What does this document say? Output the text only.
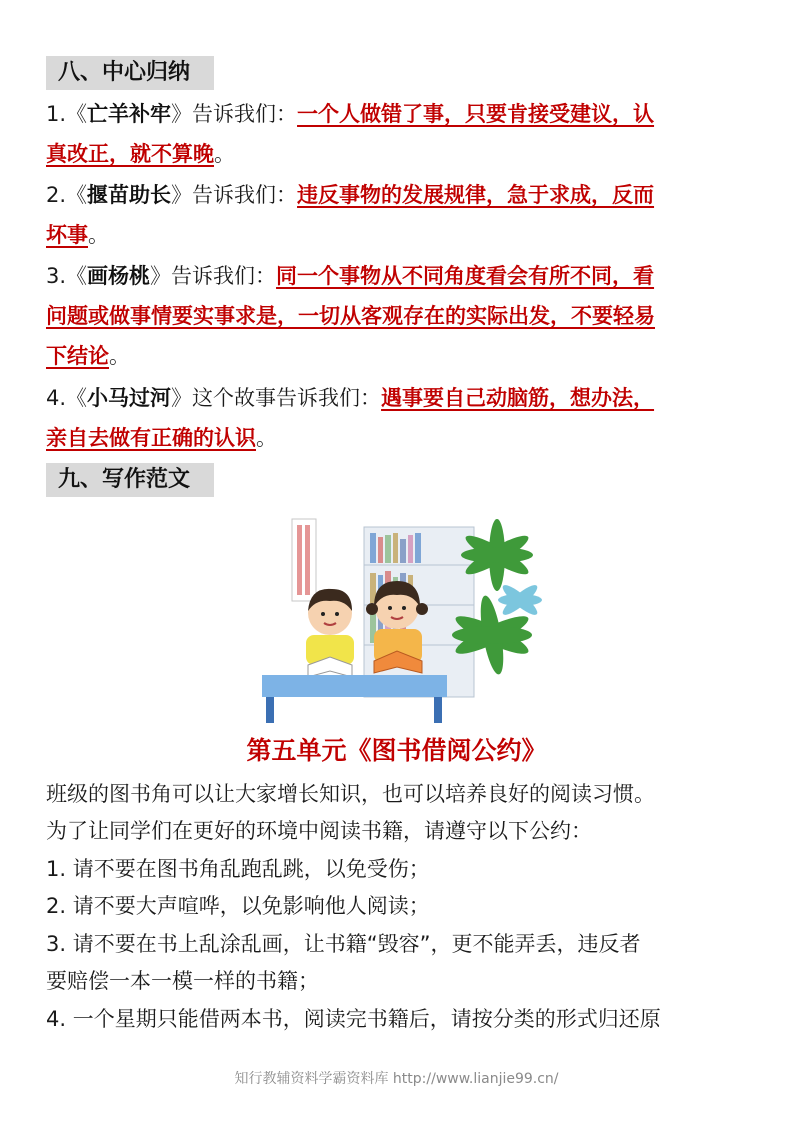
八、中心归纳
1.《亡羊补牢》告诉我们：一个人做错了事，只要肯接受建议，认
真改正，就不算晚。
2.《揠苗助长》告诉我们：违反事物的发展规律，急于求成，反而
坏事。
3.《画杨桃》告诉我们：同一个事物从不同角度看会有所不同，看
问题或做事情要实事求是，一切从客观存在的实际出发，不要轻易
下结论。
4.《小马过河》这个故事告诉我们：遇事要自己动脑筋，想办法，
亲自去做有正确的认识。
九、写作范文
第五单元《图书借阅公约》
班级的图书角可以让大家增长知识，也可以培养良好的阅读习惯。
为了让同学们在更好的环境中阅读书籍，请遵守以下公约：
1. 请不要在图书角乱跑乱跳，以免受伤；
2. 请不要大声喧哗，以免影响他人阅读；
3. 请不要在书上乱涂乱画，让书籍“毁容”，更不能弄丢，违反者
要赔偿一本一模一样的书籍；
4. 一个星期只能借两本书，阅读完书籍后，请按分类的形式归还原
知行教辅资料学霸资料库 http://www.lianjie99.cn/
